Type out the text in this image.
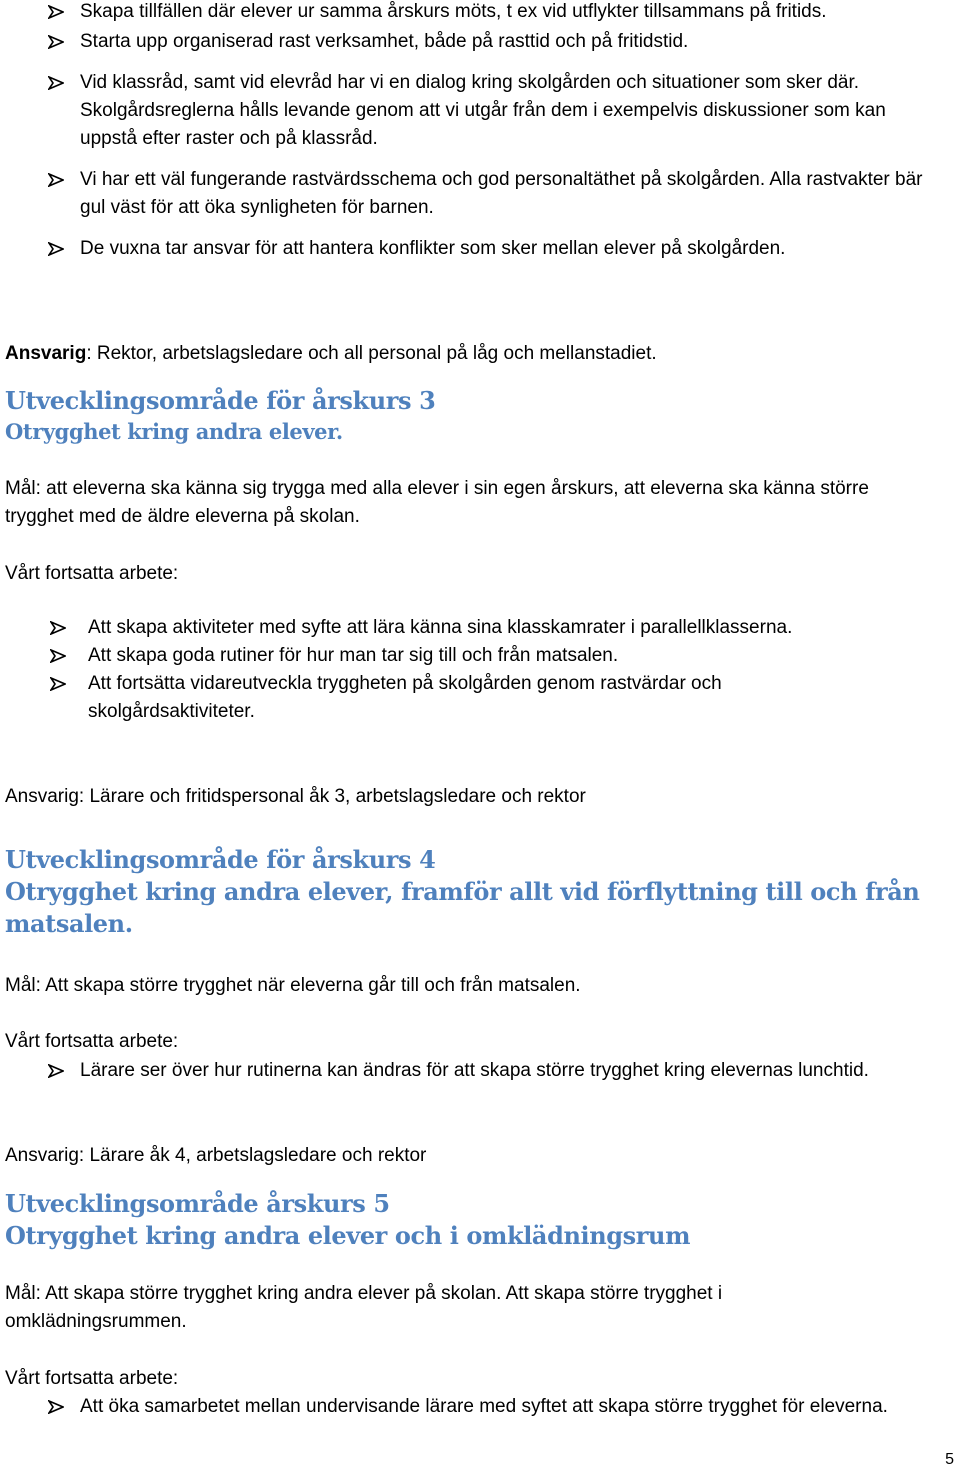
Skapa tillfällen där elever ur samma årskurs möts, t ex vid utflykter tillsammans på fritids.
Starta upp organiserad rast verksamhet, både på rasttid och på fritidstid.
Vid klassråd, samt vid elevråd har vi en dialog kring skolgården och situationer som sker där. Skolgårdsreglerna hålls levande genom att vi utgår från dem i exempelvis diskussioner som kan uppstå efter raster och på klassråd.
Vi har ett väl fungerande rastvärdsschema och god personaltäthet på skolgården. Alla rastvakter bär gul väst för att öka synligheten för barnen.
De vuxna tar ansvar för att hantera konflikter som sker mellan elever på skolgården.

Ansvarig: Rektor, arbetslagsledare och all personal på låg och mellanstadiet.

Utvecklingsområde för årskurs 3
Otrygghet kring andra elever.

Mål: att eleverna ska känna sig trygga med alla elever i sin egen årskurs, att eleverna ska känna större trygghet med de äldre eleverna på skolan.

Vårt fortsatta arbete:

Att skapa aktiviteter med syfte att lära känna sina klasskamrater i parallellklasserna.
Att skapa goda rutiner för hur man tar sig till och från matsalen.
Att fortsätta vidareutveckla tryggheten på skolgården genom rastvärdar och skolgårdsaktiviteter.

Ansvarig: Lärare och fritidspersonal åk 3, arbetslagsledare och rektor

Utvecklingsområde för årskurs 4
Otrygghet kring andra elever, framför allt vid förflyttning till och från matsalen.

Mål: Att skapa större trygghet när eleverna går till och från matsalen.

Vårt fortsatta arbete:

Lärare ser över hur rutinerna kan ändras för att skapa större trygghet kring elevernas lunchtid.

Ansvarig: Lärare åk 4, arbetslagsledare och rektor

Utvecklingsområde årskurs 5
Otrygghet kring andra elever och i omklädningsrum

Mål: Att skapa större trygghet kring andra elever på skolan. Att skapa större trygghet i omklädningsrummen.

Vårt fortsatta arbete:

Att öka samarbetet mellan undervisande lärare med syftet att skapa större trygghet för eleverna.
5
